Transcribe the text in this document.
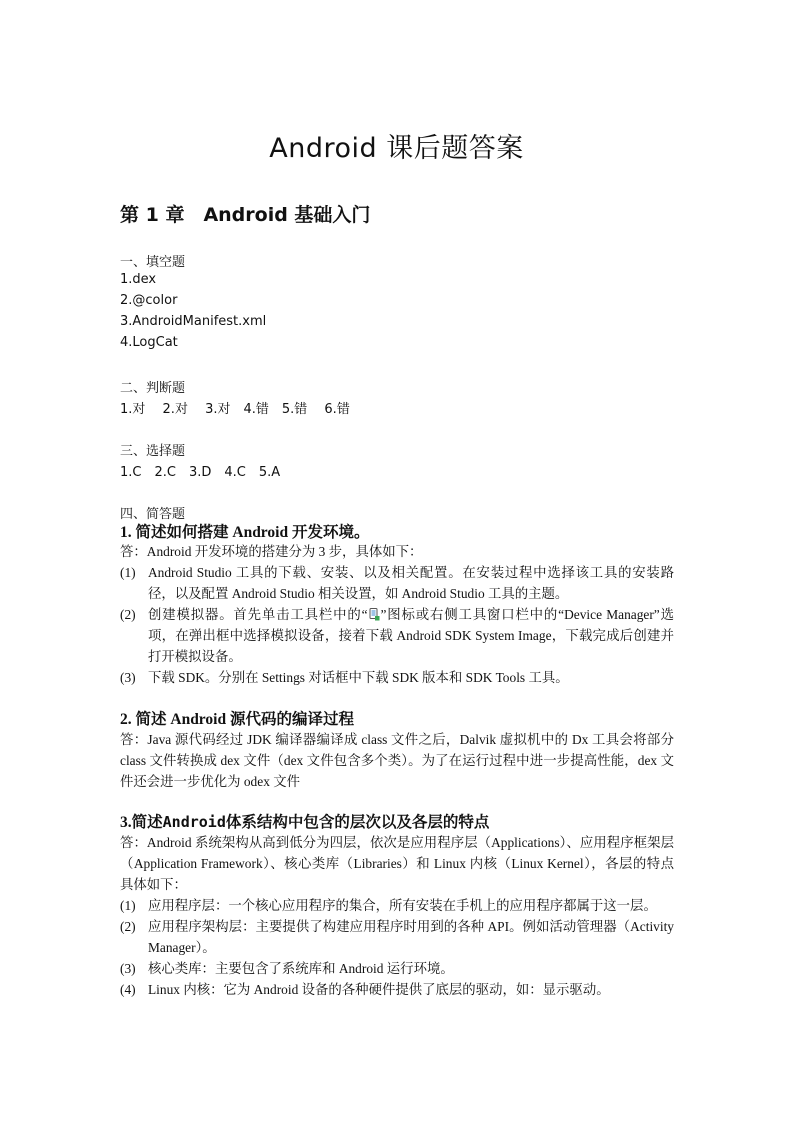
Android 课后题答案
第 1 章　Android 基础入门
一、填空题
1.dex
2.@color
3.AndroidManifest.xml
4.LogCat
二、判断题
1.对　 2.对　 3.对　4.错　5.错　 6.错
三、选择题
1.C　2.C　3.D　4.C　5.A
四、简答题
1. 简述如何搭建 Android 开发环境。
答：Android 开发环境的搭建分为 3 步，具体如下：
(1) Android Studio 工具的下载、安装、以及相关配置。在安装过程中选择该工具的安装路径，以及配置 Android Studio 相关设置，如 Android Studio 工具的主题。
(2) 创建模拟器。首先单击工具栏中的“ ”图标或右侧工具窗口栏中的“Device Manager”选项，在弹出框中选择模拟设备，接着下载 Android SDK System Image，下载完成后创建并打开模拟设备。
(3) 下载 SDK。分别在 Settings 对话框中下载 SDK 版本和 SDK Tools 工具。
2. 简述 Android 源代码的编译过程
答：Java 源代码经过 JDK 编译器编译成 class 文件之后，Dalvik 虚拟机中的 Dx 工具会将部分 class 文件转换成 dex 文件（dex 文件包含多个类）。为了在运行过程中进一步提高性能，dex 文件还会进一步优化为 odex 文件
3.简述Android体系结构中包含的层次以及各层的特点
答：Android 系统架构从高到低分为四层，依次是应用程序层（Applications）、应用程序框架层（Application Framework）、核心类库（Libraries）和 Linux 内核（Linux Kernel），各层的特点具体如下：
(1) 应用程序层：一个核心应用程序的集合，所有安装在手机上的应用程序都属于这一层。
(2) 应用程序架构层：主要提供了构建应用程序时用到的各种 API。例如活动管理器（Activity Manager）。
(3) 核心类库：主要包含了系统库和 Android 运行环境。
(4) Linux 内核：它为 Android 设备的各种硬件提供了底层的驱动，如：显示驱动。
